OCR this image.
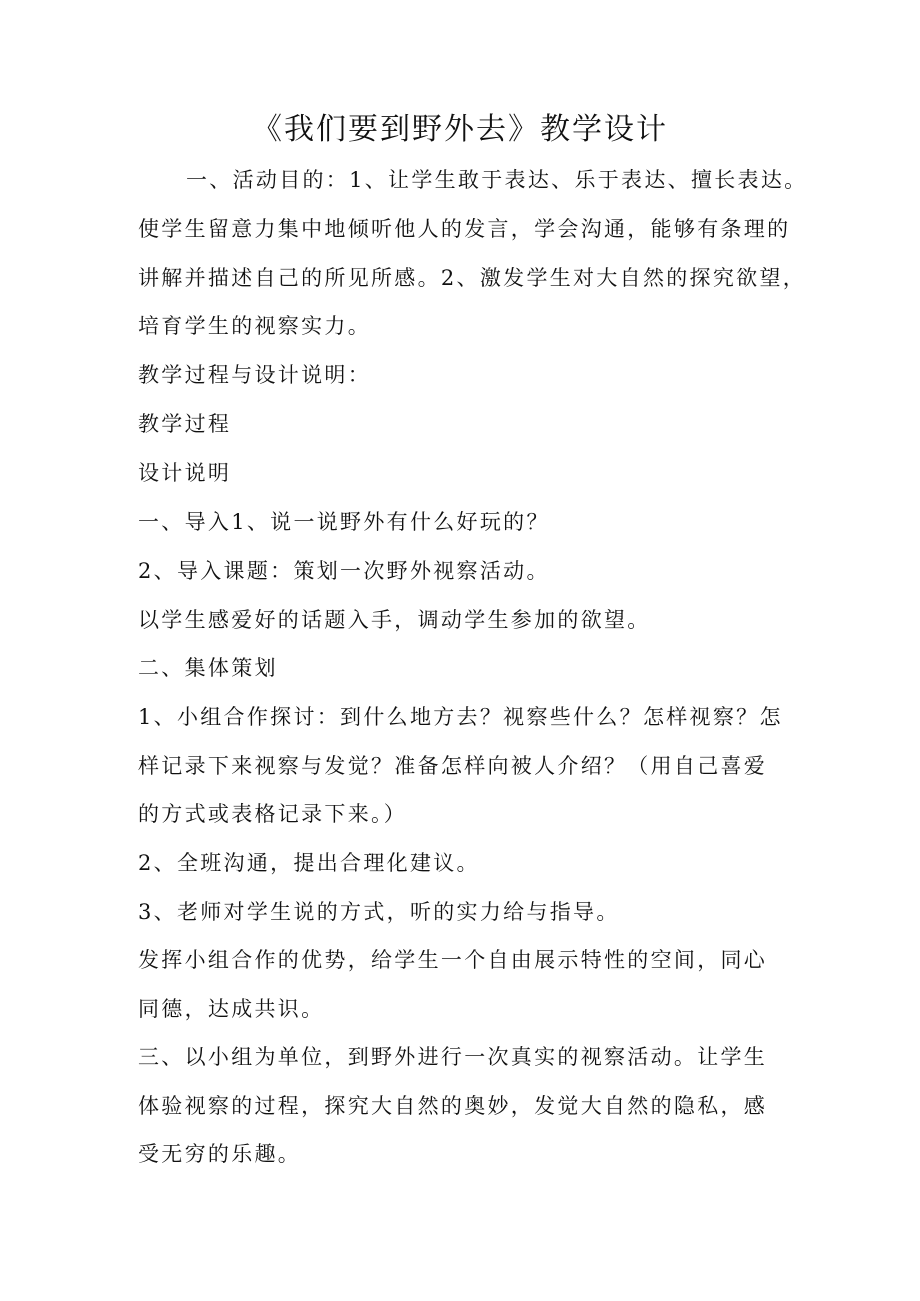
《我们要到野外去》教学设计
一、活动目的：1、让学生敢于表达、乐于表达、擅长表达。
使学生留意力集中地倾听他人的发言，学会沟通，能够有条理的
讲解并描述自己的所见所感。2、激发学生对大自然的探究欲望，
培育学生的视察实力。
教学过程与设计说明：
教学过程
设计说明
一、导入1、说一说野外有什么好玩的？
2、导入课题：策划一次野外视察活动。
以学生感爱好的话题入手，调动学生参加的欲望。
二、集体策划
1、小组合作探讨：到什么地方去？视察些什么？怎样视察？怎
样记录下来视察与发觉？准备怎样向被人介绍？（用自己喜爱
的方式或表格记录下来。）
2、全班沟通，提出合理化建议。
3、老师对学生说的方式，听的实力给与指导。
发挥小组合作的优势，给学生一个自由展示特性的空间，同心
同德，达成共识。
三、以小组为单位，到野外进行一次真实的视察活动。让学生
体验视察的过程，探究大自然的奥妙，发觉大自然的隐私，感
受无穷的乐趣。
